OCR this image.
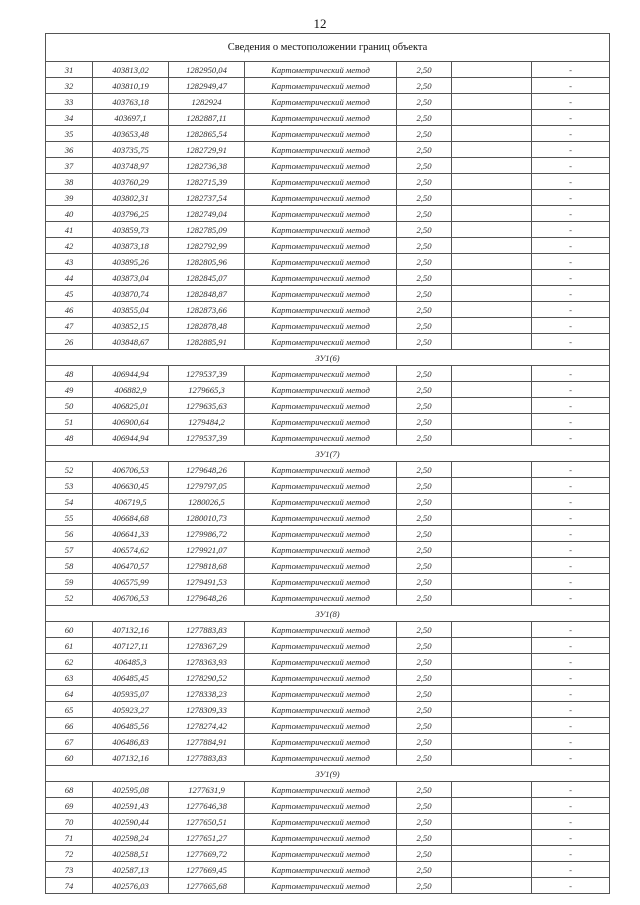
12
Сведения о местоположении границ объекта						
31	403813,02	1282950,04	Картометрический метод	2,50		-
32	403810,19	1282949,47	Картометрический метод	2,50		-
33	403763,18	1282924	Картометрический метод	2,50		-
34	403697,1	1282887,11	Картометрический метод	2,50		-
35	403653,48	1282865,54	Картометрический метод	2,50		-
36	403735,75	1282729,91	Картометрический метод	2,50		-
37	403748,97	1282736,38	Картометрический метод	2,50		-
38	403760,29	1282715,39	Картометрический метод	2,50		-
39	403802,31	1282737,54	Картометрический метод	2,50		-
40	403796,25	1282749,04	Картометрический метод	2,50		-
41	403859,73	1282785,09	Картометрический метод	2,50		-
42	403873,18	1282792,99	Картометрический метод	2,50		-
43	403895,26	1282805,96	Картометрический метод	2,50		-
44	403873,04	1282845,07	Картометрический метод	2,50		-
45	403870,74	1282848,87	Картометрический метод	2,50		-
46	403855,04	1282873,66	Картометрический метод	2,50		-
47	403852,15	1282878,48	Картометрический метод	2,50		-
26	403848,67	1282885,91	Картометрический метод	2,50		-
ЗУ1(6)						
48	406944,94	1279537,39	Картометрический метод	2,50		-
49	406882,9	1279665,3	Картометрический метод	2,50		-
50	406825,01	1279635,63	Картометрический метод	2,50		-
51	406900,64	1279484,2	Картометрический метод	2,50		-
48	406944,94	1279537,39	Картометрический метод	2,50		-
ЗУ1(7)						
52	406706,53	1279648,26	Картометрический метод	2,50		-
53	406630,45	1279797,05	Картометрический метод	2,50		-
54	406719,5	1280026,5	Картометрический метод	2,50		-
55	406684,68	1280010,73	Картометрический метод	2,50		-
56	406641,33	1279986,72	Картометрический метод	2,50		-
57	406574,62	1279921,07	Картометрический метод	2,50		-
58	406470,57	1279818,68	Картометрический метод	2,50		-
59	406575,99	1279491,53	Картометрический метод	2,50		-
52	406706,53	1279648,26	Картометрический метод	2,50		-
ЗУ1(8)						
60	407132,16	1277883,83	Картометрический метод	2,50		-
61	407127,11	1278367,29	Картометрический метод	2,50		-
62	406485,3	1278363,93	Картометрический метод	2,50		-
63	406485,45	1278290,52	Картометрический метод	2,50		-
64	405935,07	1278338,23	Картометрический метод	2,50		-
65	405923,27	1278309,33	Картометрический метод	2,50		-
66	406485,56	1278274,42	Картометрический метод	2,50		-
67	406486,83	1277884,91	Картометрический метод	2,50		-
60	407132,16	1277883,83	Картометрический метод	2,50		-
ЗУ1(9)						
68	402595,08	1277631,9	Картометрический метод	2,50		-
69	402591,43	1277646,38	Картометрический метод	2,50		-
70	402590,44	1277650,51	Картометрический метод	2,50		-
71	402598,24	1277651,27	Картометрический метод	2,50		-
72	402588,51	1277669,72	Картометрический метод	2,50		-
73	402587,13	1277669,45	Картометрический метод	2,50		-
74	402576,03	1277665,68	Картометрический метод	2,50		-
